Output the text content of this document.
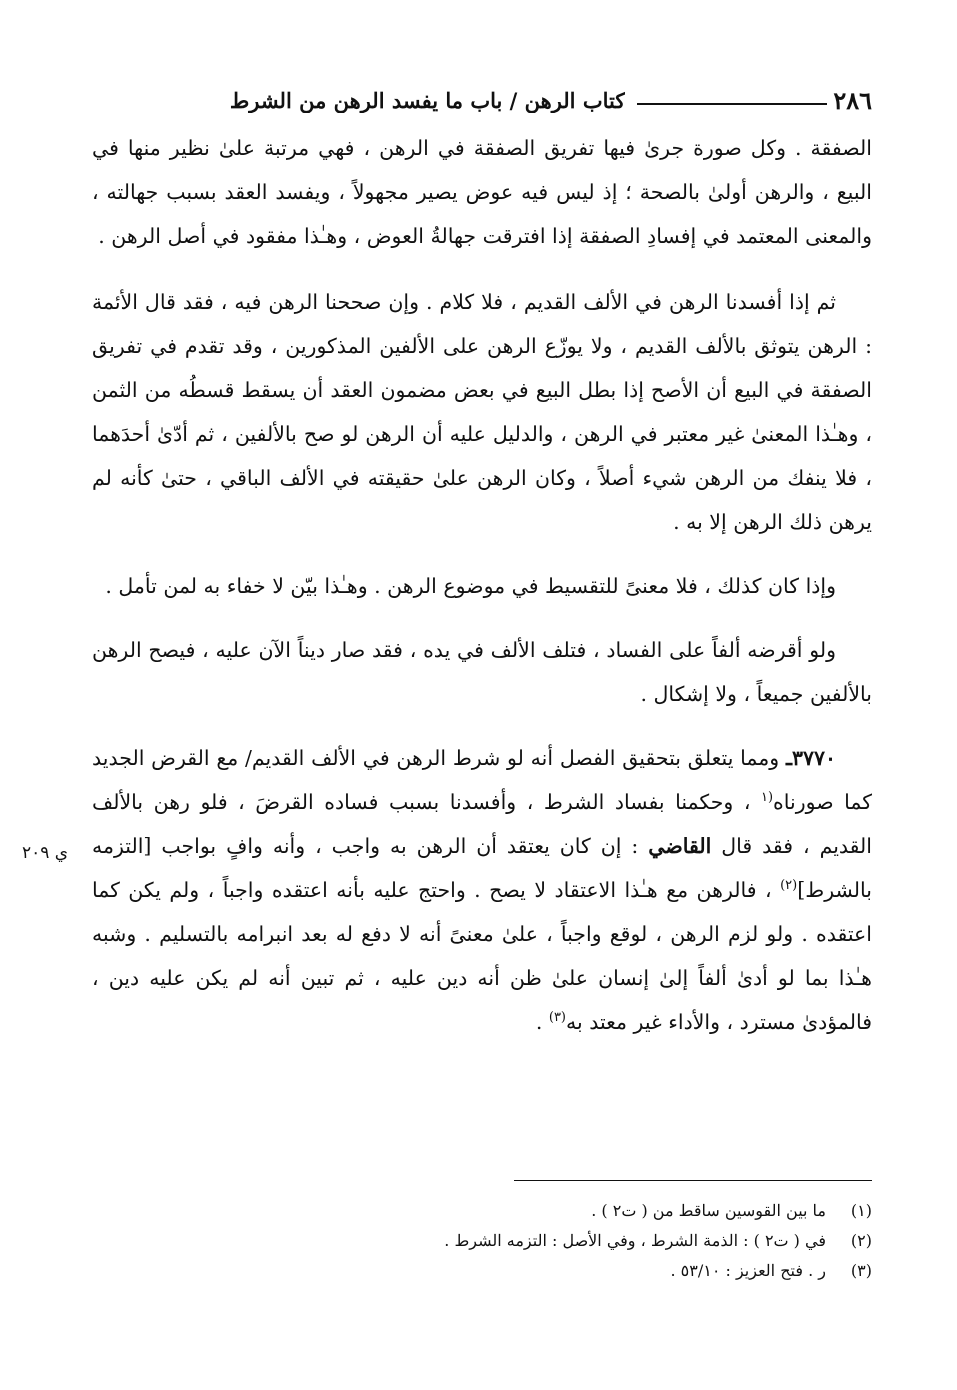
٢٨٦
كتاب الرهن / باب ما يفسد الرهن من الشرط

الصفقة . وكل صورة جرىٰ فيها تفريق الصفقة في الرهن ، فهي مرتبة علىٰ نظير منها في البيع ، والرهن أولىٰ بالصحة ؛ إذ ليس فيه عوض يصير مجهولاً ، ويفسد العقد بسبب جهالته ، والمعنى المعتمد في إفسادِ الصفقة إذا افترقت جهالةُ العوض ، وهـٰذا مفقود في أصل الرهن .

ثم إذا أفسدنا الرهن في الألف القديم ، فلا كلام . وإن صححنا الرهن فيه ، فقد قال الأئمة : الرهن يتوثق بالألف القديم ، ولا يوزّع الرهن على الألفين المذكورين ، وقد تقدم في تفريق الصفقة في البيع أن الأصح إذا بطل البيع في بعض مضمون العقد أن يسقط قسطُه من الثمن ، وهـٰذا المعنىٰ غير معتبر في الرهن ، والدليل عليه أن الرهن لو صح بالألفين ، ثم أدّىٰ أحدَهما ، فلا ينفك من الرهن شيء أصلاً ، وكان الرهن علىٰ حقيقته في الألف الباقي ، حتىٰ كأنه لم يرهن ذلك الرهن إلا به .

وإذا كان كذلك ، فلا معنىً للتقسيط في موضوع الرهن . وهـٰذا بيّن لا خفاء به لمن تأمل .

ولو أقرضه ألفاً على الفساد ، فتلف الألف في يده ، فقد صار ديناً الآن عليه ، فيصح الرهن بالألفين جميعاً ، ولا إشكال .

٣٧٧٠ـ ومما يتعلق بتحقيق الفصل أنه لو شرط الرهن في الألف القديم/ مع القرض الجديد كما صورناه$^{(١}$ ، وحكمنا بفساد الشرط ، وأفسدنا بسبب فساده القرضَ ، فلو رهن بالألف القديم ، فقد قال القاضي : إن كان يعتقد أن الرهن به واجب ، وأنه وافٍ بواجب [التزمه بالشرط]$^{(٢)}$ ، فالرهن مع هـٰذا الاعتقاد لا يصح . واحتج عليه بأنه اعتقده واجباً ، ولم يكن كما اعتقده . ولو لزم الرهن ، لوقع واجباً ، علىٰ معنىً أنه لا دفع له بعد انبرامه بالتسليم . وشبه هـٰذا بما لو أدىٰ ألفاً إلىٰ إنسان علىٰ ظن أنه دين عليه ، ثم تبين أنه لم يكن عليه دين ، فالمؤدىٰ مسترد ، والأداء غير معتد به$^{(٣)}$ .

ي ٢٠٩
(١)
ما بين القوسين ساقط من ( ت٢ ) .
(٢)
في ( ت٢ ) : الذمة الشرط ، وفي الأصل : التزمه الشرط .
(٣)
ر . فتح العزيز : ٥٣/١٠ .
